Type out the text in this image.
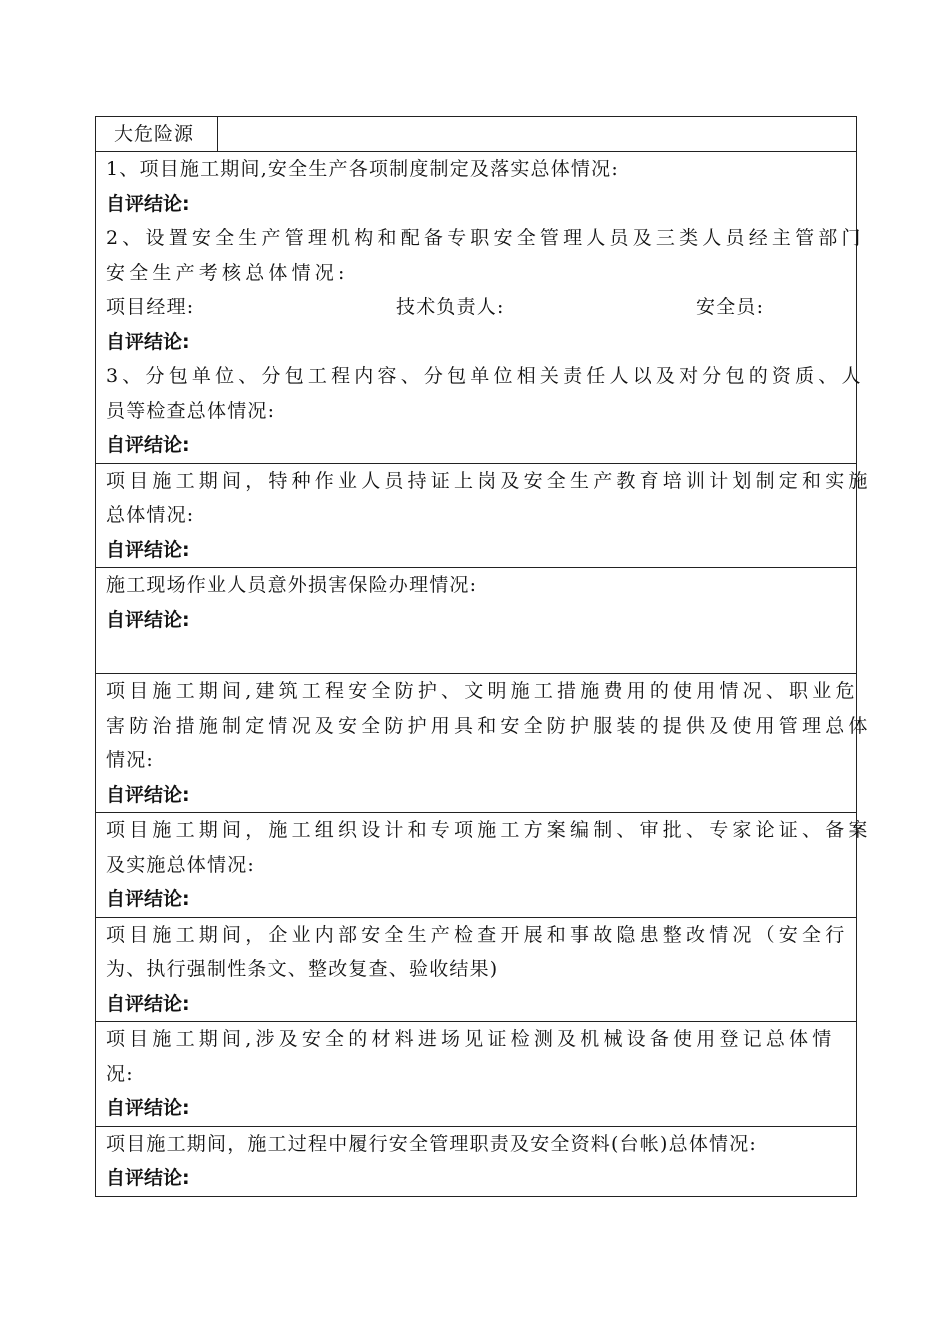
大危险源
1、项目施工期间,安全生产各项制度制定及落实总体情况:
自评结论:
2、设置安全生产管理机构和配备专职安全管理人员及三类人员经主管部门
安全生产考核总体情况:
项目经理:	技术负责人:	安全员:
自评结论:
3、分包单位、分包工程内容、分包单位相关责任人以及对分包的资质、人
员等检查总体情况:
自评结论:
项目施工期间，特种作业人员持证上岗及安全生产教育培训计划制定和实施
总体情况:
自评结论:
施工现场作业人员意外损害保险办理情况:
自评结论:
项目施工期间,建筑工程安全防护、文明施工措施费用的使用情况、职业危
害防治措施制定情况及安全防护用具和安全防护服装的提供及使用管理总体
情况:
自评结论:
项目施工期间，施工组织设计和专项施工方案编制、审批、专家论证、备案
及实施总体情况:
自评结论:
项目施工期间，企业内部安全生产检查开展和事故隐患整改情况（安全行
为、执行强制性条文、整改复查、验收结果)
自评结论:
项目施工期间,涉及安全的材料进场见证检测及机械设备使用登记总体情
况:
自评结论:
项目施工期间，施工过程中履行安全管理职责及安全资料(台帐)总体情况:
自评结论:
